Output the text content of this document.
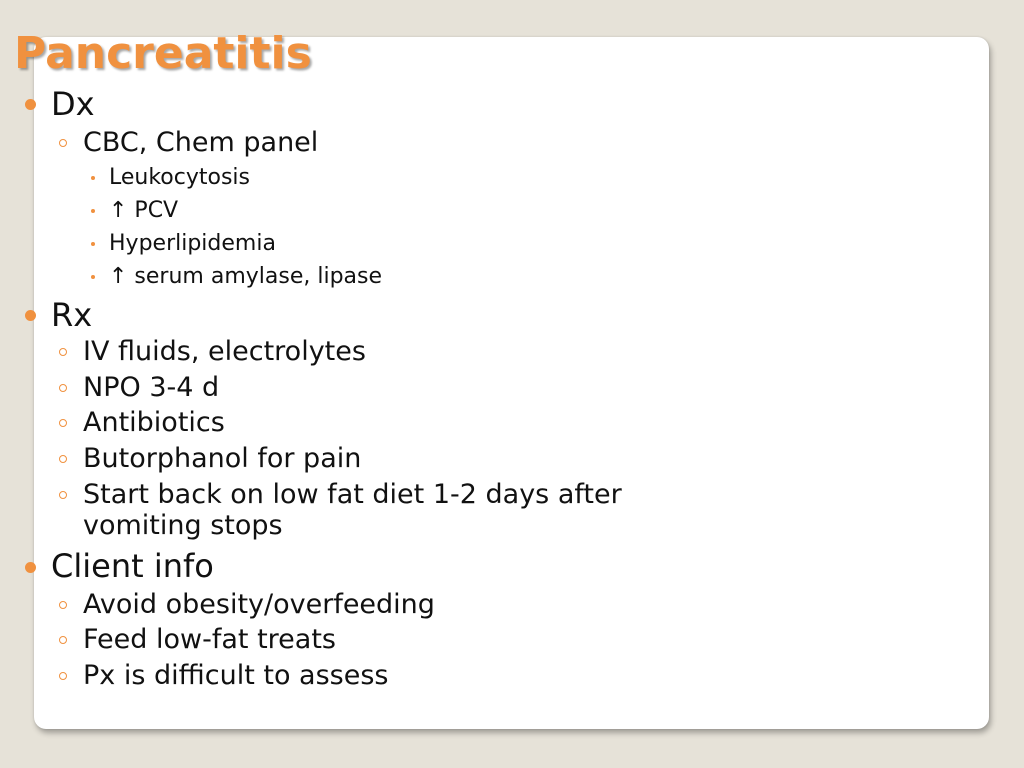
Pancreatitis
Dx
CBC, Chem panel
Leukocytosis
↑ PCV
Hyperlipidemia
↑ serum amylase, lipase
Rx
IV fluids, electrolytes
NPO 3-4 d
Antibiotics
Butorphanol for pain
Start back on low fat diet 1-2 days after
vomiting stops
Client info
Avoid obesity/overfeeding
Feed low-fat treats
Px is difficult to assess
